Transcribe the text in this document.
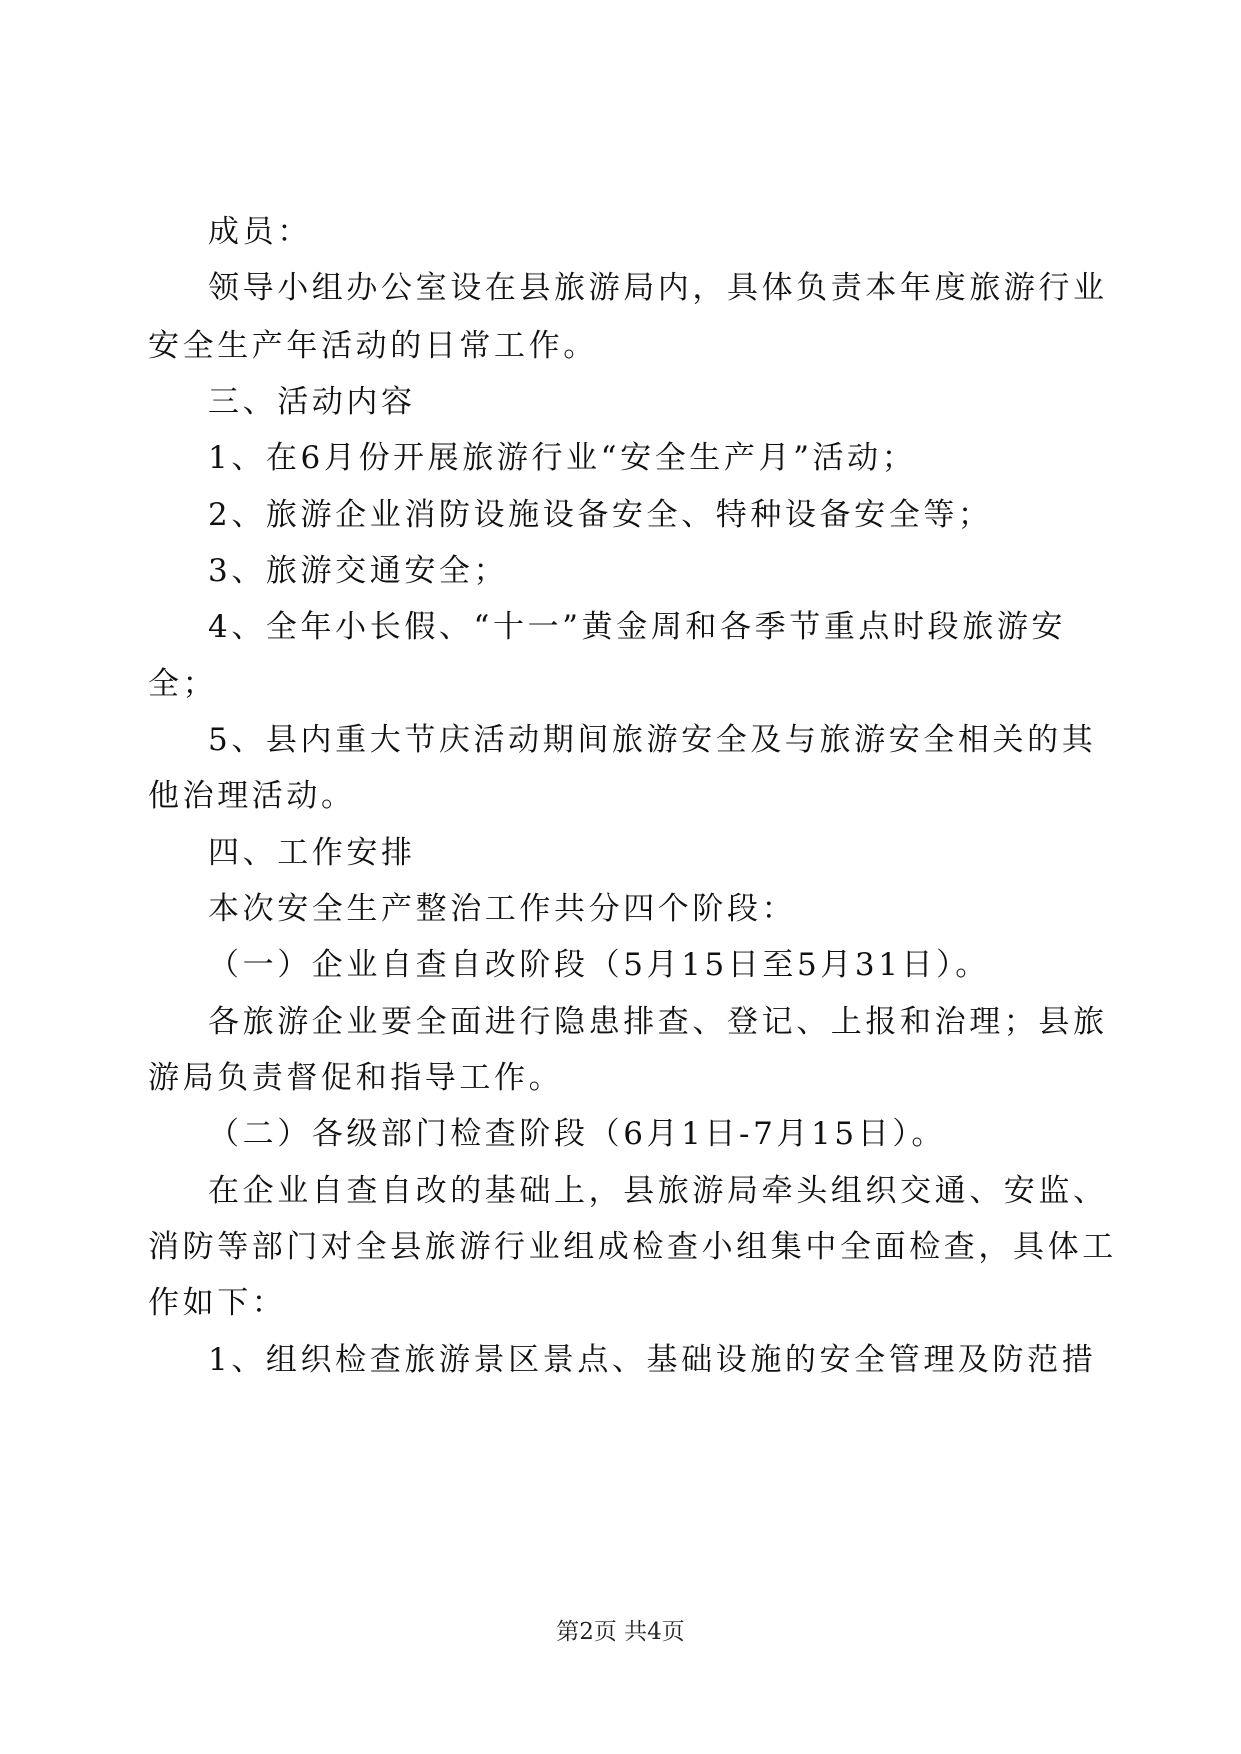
成员：
领导小组办公室设在县旅游局内，具体负责本年度旅游行业
安全生产年活动的日常工作。
三、活动内容
1、在6月份开展旅游行业“安全生产月”活动；
2、旅游企业消防设施设备安全、特种设备安全等；
3、旅游交通安全；
4、全年小长假、“十一”黄金周和各季节重点时段旅游安
全；
5、县内重大节庆活动期间旅游安全及与旅游安全相关的其
他治理活动。
四、工作安排
本次安全生产整治工作共分四个阶段：
（一）企业自查自改阶段（5月15日至5月31日）。
各旅游企业要全面进行隐患排查、登记、上报和治理；县旅
游局负责督促和指导工作。
（二）各级部门检查阶段（6月1日-7月15日）。
在企业自查自改的基础上，县旅游局牵头组织交通、安监、
消防等部门对全县旅游行业组成检查小组集中全面检查，具体工
作如下：
1、组织检查旅游景区景点、基础设施的安全管理及防范措
第2页 共4页
